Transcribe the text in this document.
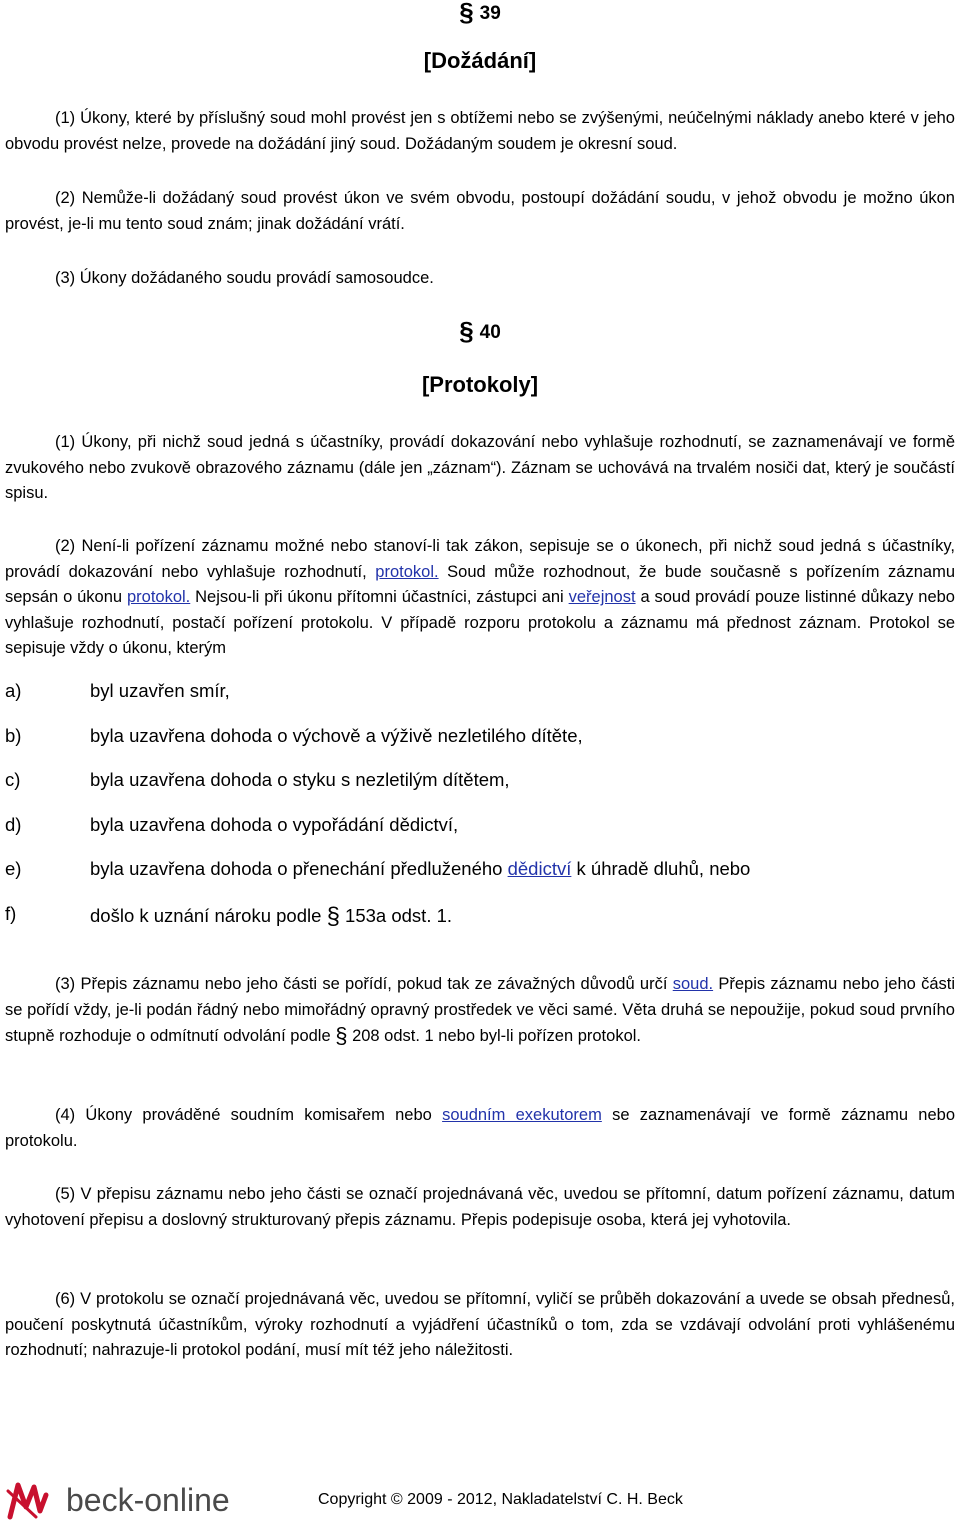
§ 39
[Dožádání]
(1) Úkony, které by příslušný soud mohl provést jen s obtížemi nebo se zvýšenými, neúčelnými náklady anebo které v jeho obvodu provést nelze, provede na dožádání jiný soud. Dožádaným soudem je okresní soud.
(2) Nemůže-li dožádaný soud provést úkon ve svém obvodu, postoupí dožádání soudu, v jehož obvodu je možno úkon provést, je-li mu tento soud znám; jinak dožádání vrátí.
(3) Úkony dožádaného soudu provádí samosoudce.
§ 40
[Protokoly]
(1) Úkony, při nichž soud jedná s účastníky, provádí dokazování nebo vyhlašuje rozhodnutí, se zaznamenávají ve formě zvukového nebo zvukově obrazového záznamu (dále jen „záznam“). Záznam se uchovává na trvalém nosiči dat, který je součástí spisu.
(2) Není-li pořízení záznamu možné nebo stanoví-li tak zákon, sepisuje se o úkonech, při nichž soud jedná s účastníky, provádí dokazování nebo vyhlašuje rozhodnutí, protokol. Soud může rozhodnout, že bude současně s pořízením záznamu sepsán o úkonu protokol. Nejsou-li při úkonu přítomni účastníci, zástupci ani veřejnost a soud provádí pouze listinné důkazy nebo vyhlašuje rozhodnutí, postačí pořízení protokolu. V případě rozporu protokolu a záznamu má přednost záznam. Protokol se sepisuje vždy o úkonu, kterým
a)	byl uzavřen smír,
b)	byla uzavřena dohoda o výchově a výživě nezletilého dítěte,
c)	byla uzavřena dohoda o styku s nezletilým dítětem,
d)	byla uzavřena dohoda o vypořádání dědictví,
e)	byla uzavřena dohoda o přenechání předluženého dědictví k úhradě dluhů, nebo
f)	došlo k uznání nároku podle § 153a odst. 1.
(3) Přepis záznamu nebo jeho části se pořídí, pokud tak ze závažných důvodů určí soud. Přepis záznamu nebo jeho části se pořídí vždy, je-li podán řádný nebo mimořádný opravný prostředek ve věci samé. Věta druhá se nepoužije, pokud soud prvního stupně rozhoduje o odmítnutí odvolání podle § 208 odst. 1 nebo byl-li pořízen protokol.
(4) Úkony prováděné soudním komisařem nebo soudním exekutorem se zaznamenávají ve formě záznamu nebo protokolu.
(5) V přepisu záznamu nebo jeho části se označí projednávaná věc, uvedou se přítomní, datum pořízení záznamu, datum vyhotovení přepisu a doslovný strukturovaný přepis záznamu. Přepis podepisuje osoba, která jej vyhotovila.
(6) V protokolu se označí projednávaná věc, uvedou se přítomní, vyličí se průběh dokazování a uvede se obsah přednesů, poučení poskytnutá účastníkům, výroky rozhodnutí a vyjádření účastníků o tom, zda se vzdávají odvolání proti vyhlášenému rozhodnutí; nahrazuje-li protokol podání, musí mít též jeho náležitosti.
beck-online	Copyright © 2009 - 2012, Nakladatelství C. H. Beck
